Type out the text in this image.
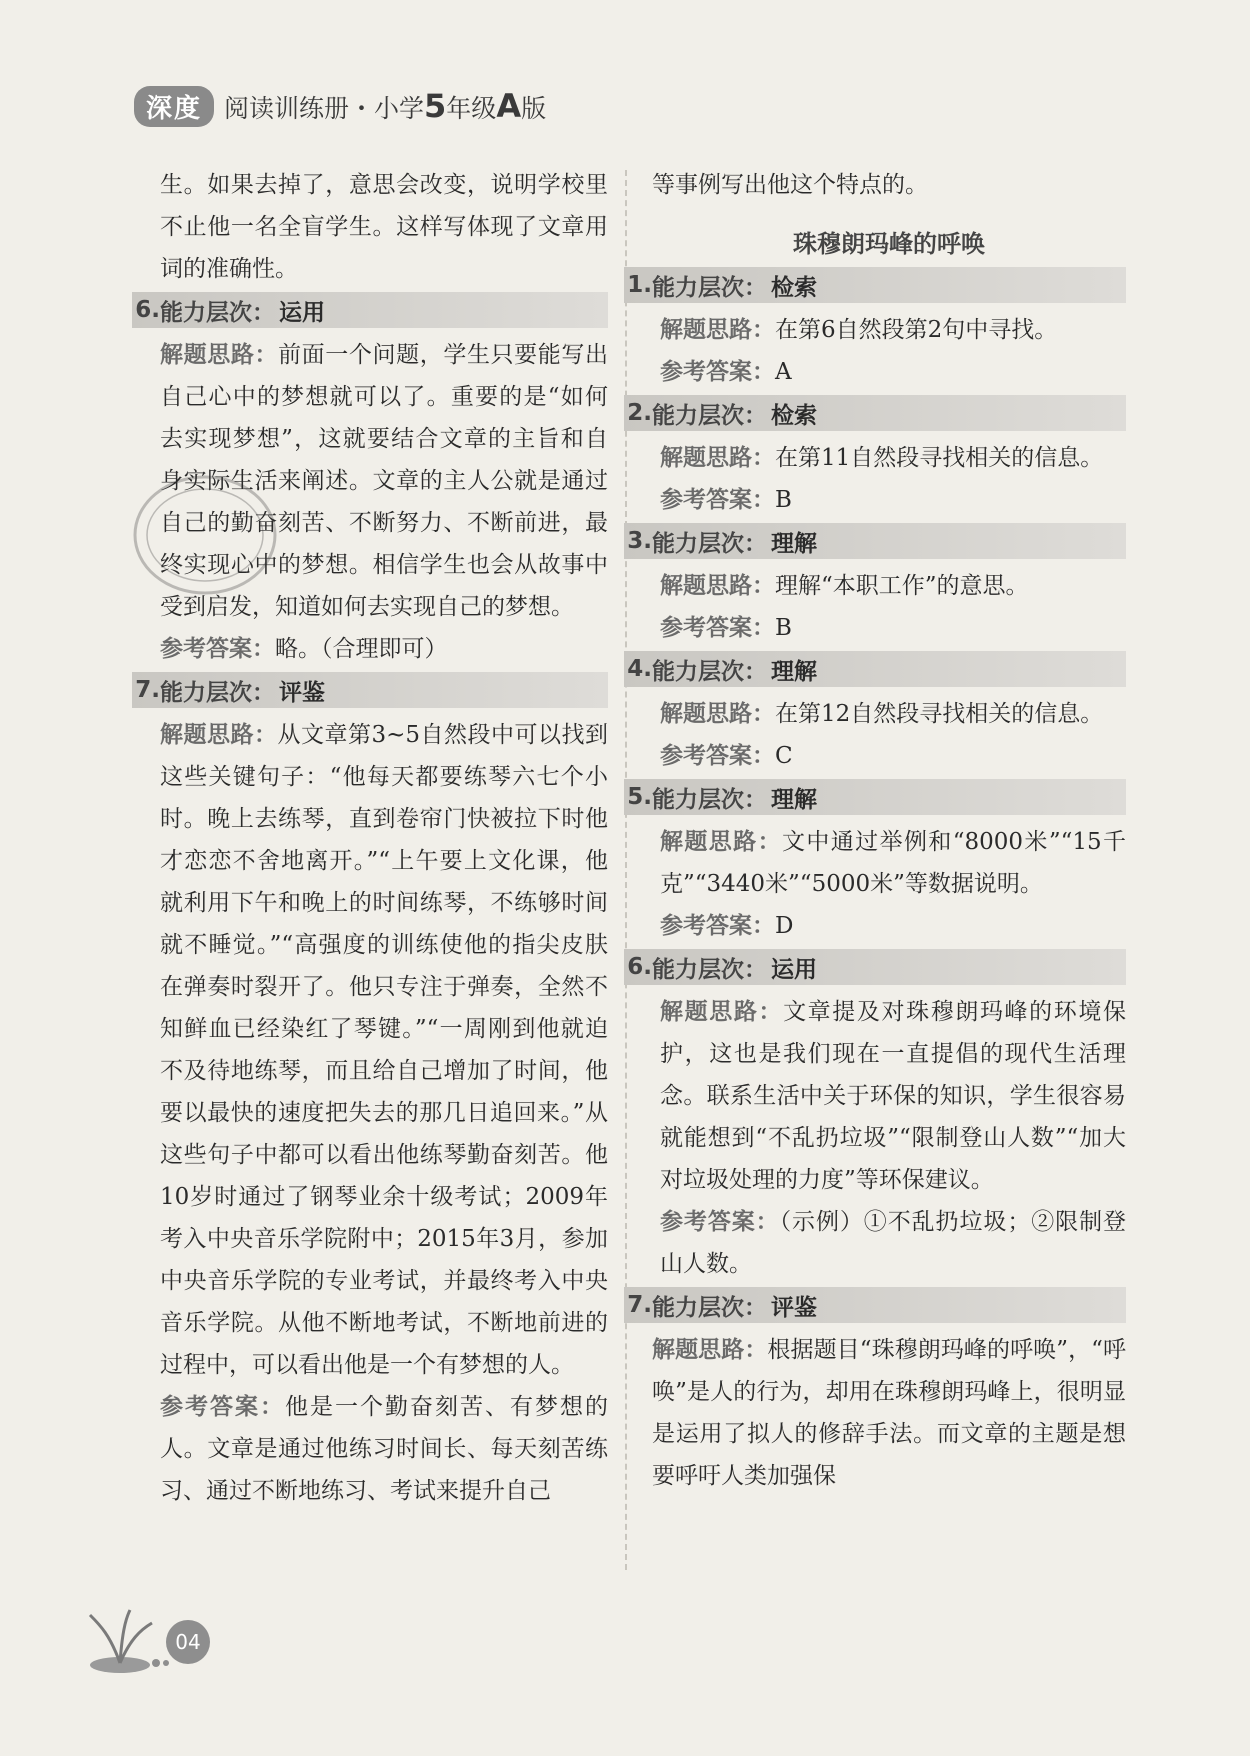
深度 阅读训练册・小学5年级A版

生。如果去掉了，意思会改变，说明学校里不止他一名全盲学生。这样写体现了文章用词的准确性。

6. 能力层次： 运用

解题思路：前面一个问题，学生只要能写出自己心中的梦想就可以了。重要的是“如何去实现梦想”，这就要结合文章的主旨和自身实际生活来阐述。文章的主人公就是通过自己的勤奋刻苦、不断努力、不断前进，最终实现心中的梦想。相信学生也会从故事中受到启发，知道如何去实现自己的梦想。

参考答案：略。（合理即可）

7. 能力层次： 评鉴

解题思路：从文章第3~5自然段中可以找到这些关键句子：“他每天都要练琴六七个小时。晚上去练琴，直到卷帘门快被拉下时他才恋恋不舍地离开。”“上午要上文化课，他就利用下午和晚上的时间练琴，不练够时间就不睡觉。”“高强度的训练使他的指尖皮肤在弹奏时裂开了。他只专注于弹奏，全然不知鲜血已经染红了琴键。”“一周刚到他就迫不及待地练琴，而且给自己增加了时间，他要以最快的速度把失去的那几日追回来。”从这些句子中都可以看出他练琴勤奋刻苦。他10岁时通过了钢琴业余十级考试；2009年考入中央音乐学院附中；2015年3月，参加中央音乐学院的专业考试，并最终考入中央音乐学院。从他不断地考试，不断地前进的过程中，可以看出他是一个有梦想的人。

参考答案：他是一个勤奋刻苦、有梦想的人。文章是通过他练习时间长、每天刻苦练习、通过不断地练习、考试来提升自己

等事例写出他这个特点的。

珠穆朗玛峰的呼唤
1. 能力层次： 检索

解题思路：在第6自然段第2句中寻找。

参考答案：A

2. 能力层次： 检索

解题思路：在第11自然段寻找相关的信息。

参考答案：B

3. 能力层次： 理解

解题思路：理解“本职工作”的意思。

参考答案：B

4. 能力层次： 理解

解题思路：在第12自然段寻找相关的信息。

参考答案：C

5. 能力层次： 理解

解题思路：文中通过举例和“8000米”“15千克”“3440米”“5000米”等数据说明。

参考答案：D

6. 能力层次： 运用

解题思路：文章提及对珠穆朗玛峰的环境保护，这也是我们现在一直提倡的现代生活理念。联系生活中关于环保的知识，学生很容易就能想到“不乱扔垃圾”“限制登山人数”“加大对垃圾处理的力度”等环保建议。

参考答案：（示例）①不乱扔垃圾；②限制登山人数。

7. 能力层次： 评鉴

解题思路：根据题目“珠穆朗玛峰的呼唤”，“呼唤”是人的行为，却用在珠穆朗玛峰上，很明显是运用了拟人的修辞手法。而文章的主题是想要呼吁人类加强保

04
